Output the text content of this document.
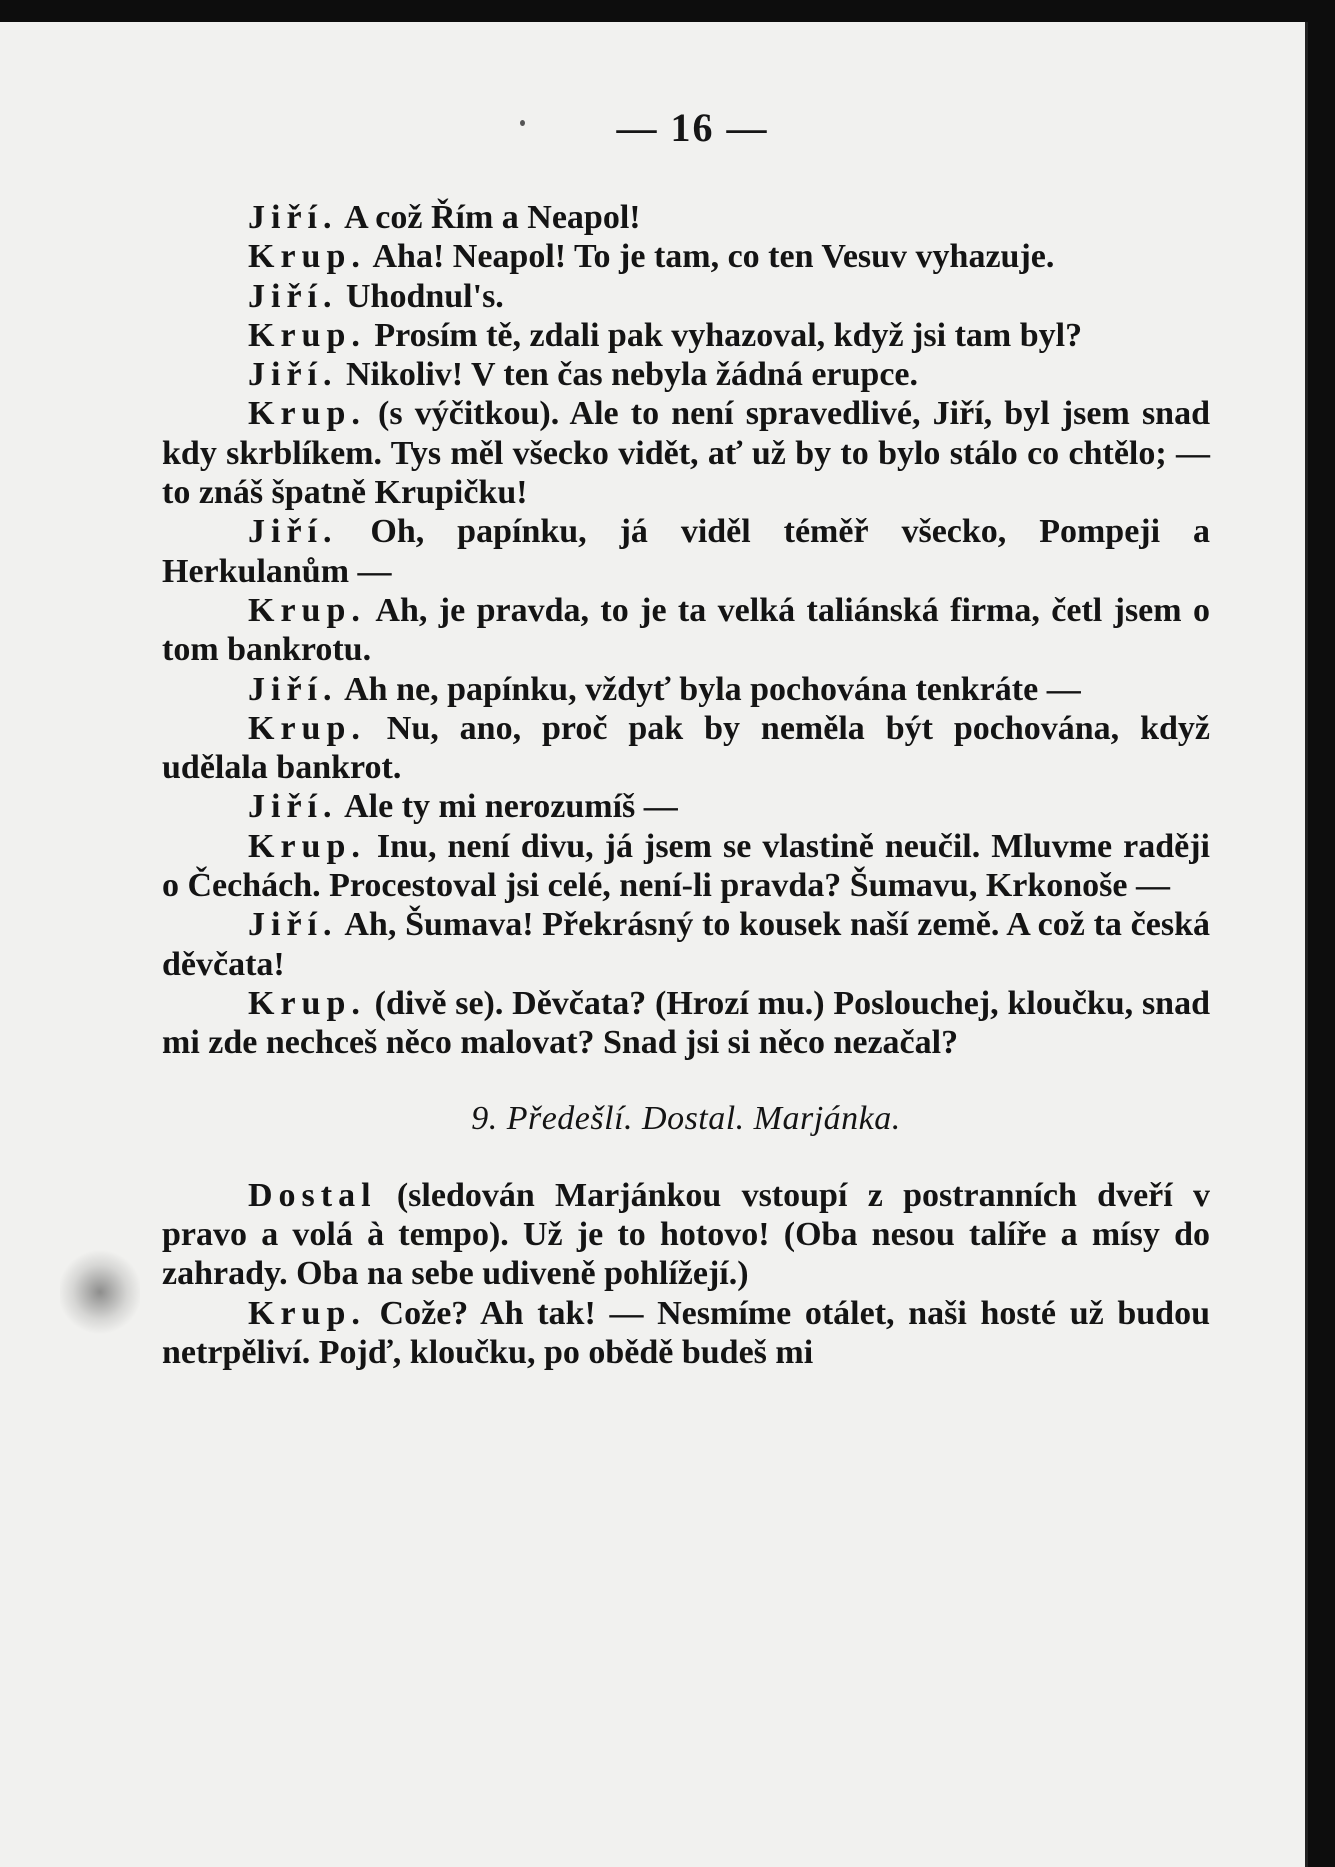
— 16 —

Jiří. A což Řím a Neapol!

Krup. Aha! Neapol! To je tam, co ten Vesuv vyhazuje.

Jiří. Uhodnul's.

Krup. Prosím tě, zdali pak vyhazoval, když jsi tam byl?

Jiří. Nikoliv! V ten čas nebyla žádná erupce.

Krup. (s výčitkou). Ale to není spravedlivé, Jiří, byl jsem snad kdy skrblíkem. Tys měl všecko vidět, ať už by to bylo stálo co chtělo; — to znáš špatně Krupičku!

Jiří. Oh, papínku, já viděl téměř všecko, Pompeji a Herkulanům —

Krup. Ah, je pravda, to je ta velká taliánská firma, četl jsem o tom bankrotu.

Jiří. Ah ne, papínku, vždyť byla pochována tenkráte —

Krup. Nu, ano, proč pak by neměla být pochována, když udělala bankrot.

Jiří. Ale ty mi nerozumíš —

Krup. Inu, není divu, já jsem se vlastině neučil. Mluvme raději o Čechách. Procestoval jsi celé, není-li pravda? Šumavu, Krkonoše —

Jiří. Ah, Šumava! Překrásný to kousek naší země. A což ta česká děvčata!

Krup. (divě se). Děvčata? (Hrozí mu.) Poslouchej, kloučku, snad mi zde nechceš něco malovat? Snad jsi si něco nezačal?

9. Předešlí. Dostal. Marjánka.

Dostal (sledován Marjánkou vstoupí z postranních dveří v pravo a volá à tempo). Už je to hotovo! (Oba nesou talíře a mísy do zahrady. Oba na sebe udiveně pohlížejí.)

Krup. Cože? Ah tak! — Nesmíme otálet, naši hosté už budou netrpěliví. Pojď, kloučku, po obědě budeš mi
